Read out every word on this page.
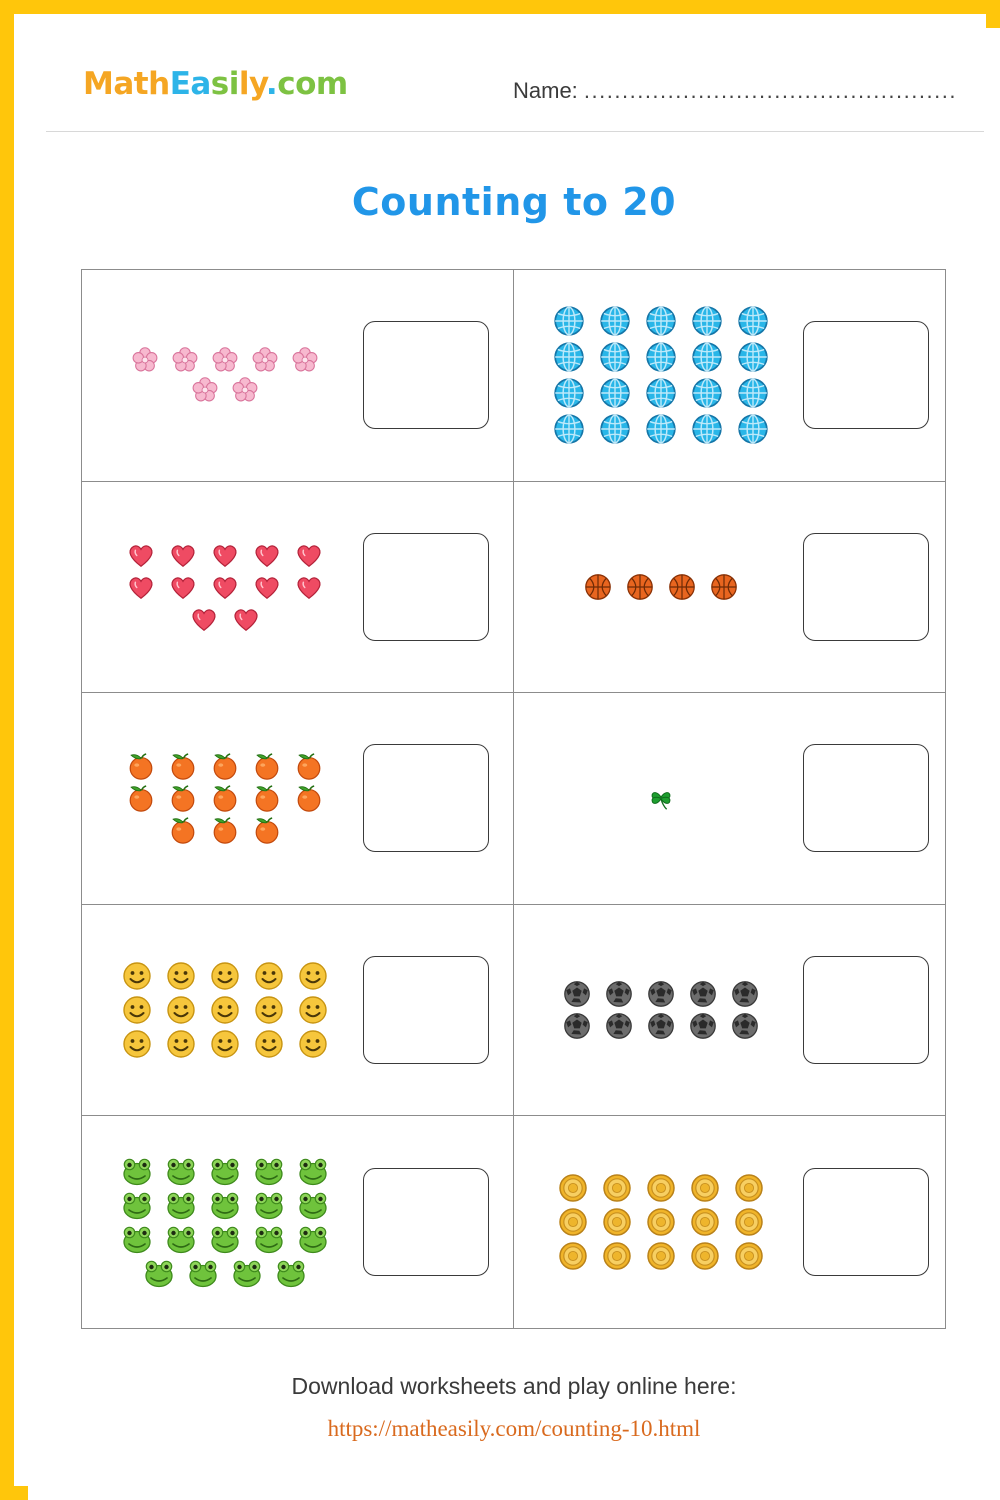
MathEasily.com	Name: .................................................
Counting to 20
Download worksheets and play online here:
https://matheasily.com/counting-10.html
